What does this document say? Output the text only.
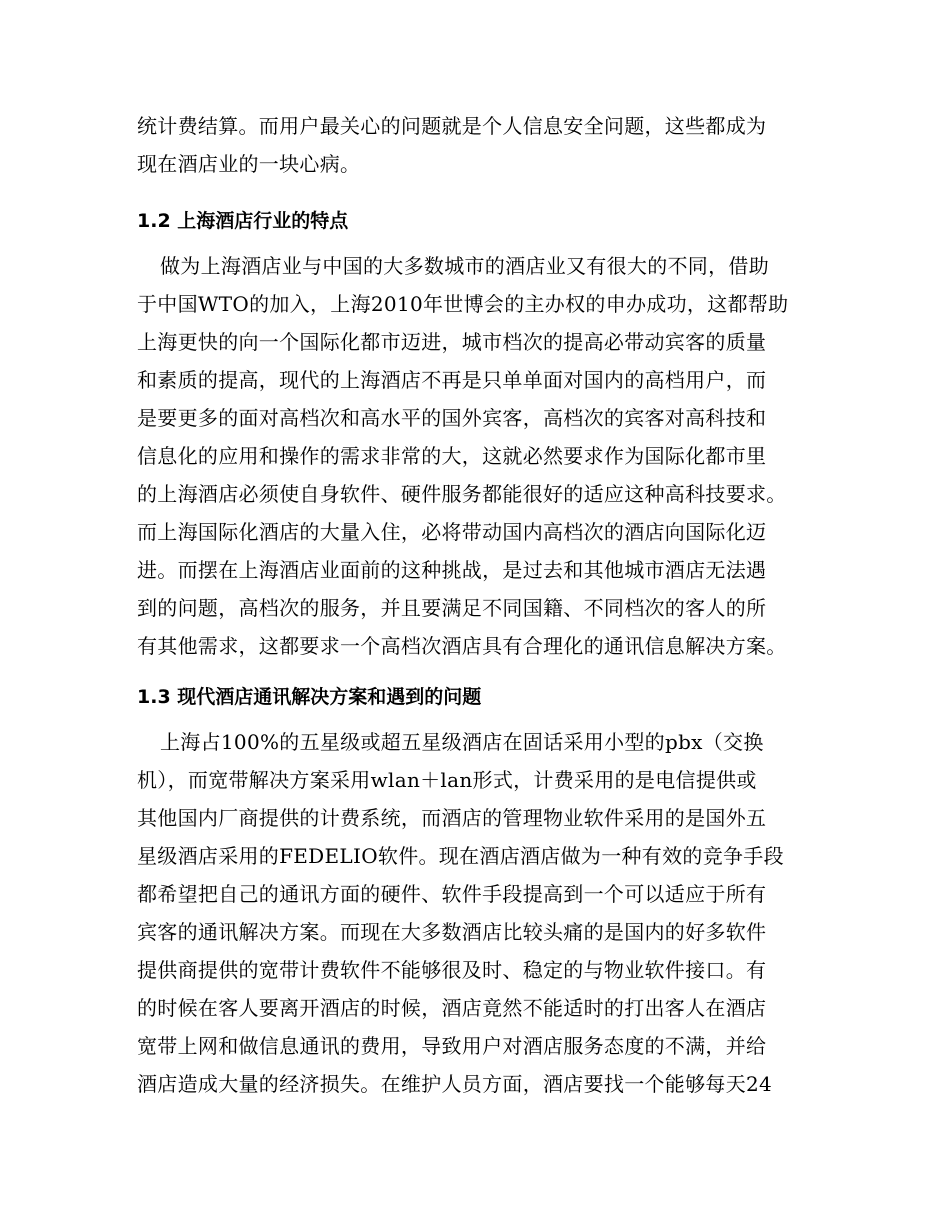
统计费结算。而用户最关心的问题就是个人信息安全问题，这些都成为
现在酒店业的一块心病。
1.2 上海酒店行业的特点
做为上海酒店业与中国的大多数城市的酒店业又有很大的不同，借助
于中国WTO的加入，上海2010年世博会的主办权的申办成功，这都帮助
上海更快的向一个国际化都市迈进，城市档次的提高必带动宾客的质量
和素质的提高，现代的上海酒店不再是只单单面对国内的高档用户，而
是要更多的面对高档次和高水平的国外宾客，高档次的宾客对高科技和
信息化的应用和操作的需求非常的大，这就必然要求作为国际化都市里
的上海酒店必须使自身软件、硬件服务都能很好的适应这种高科技要求。
而上海国际化酒店的大量入住，必将带动国内高档次的酒店向国际化迈
进。而摆在上海酒店业面前的这种挑战，是过去和其他城市酒店无法遇
到的问题，高档次的服务，并且要满足不同国籍、不同档次的客人的所
有其他需求，这都要求一个高档次酒店具有合理化的通讯信息解决方案。
1.3 现代酒店通讯解决方案和遇到的问题
上海占100%的五星级或超五星级酒店在固话采用小型的pbx（交换
机），而宽带解决方案采用wlan＋lan形式，计费采用的是电信提供或
其他国内厂商提供的计费系统，而酒店的管理物业软件采用的是国外五
星级酒店采用的FEDELIO软件。现在酒店酒店做为一种有效的竞争手段
都希望把自己的通讯方面的硬件、软件手段提高到一个可以适应于所有
宾客的通讯解决方案。而现在大多数酒店比较头痛的是国内的好多软件
提供商提供的宽带计费软件不能够很及时、稳定的与物业软件接口。有
的时候在客人要离开酒店的时候，酒店竟然不能适时的打出客人在酒店
宽带上网和做信息通讯的费用，导致用户对酒店服务态度的不满，并给
酒店造成大量的经济损失。在维护人员方面，酒店要找一个能够每天24
